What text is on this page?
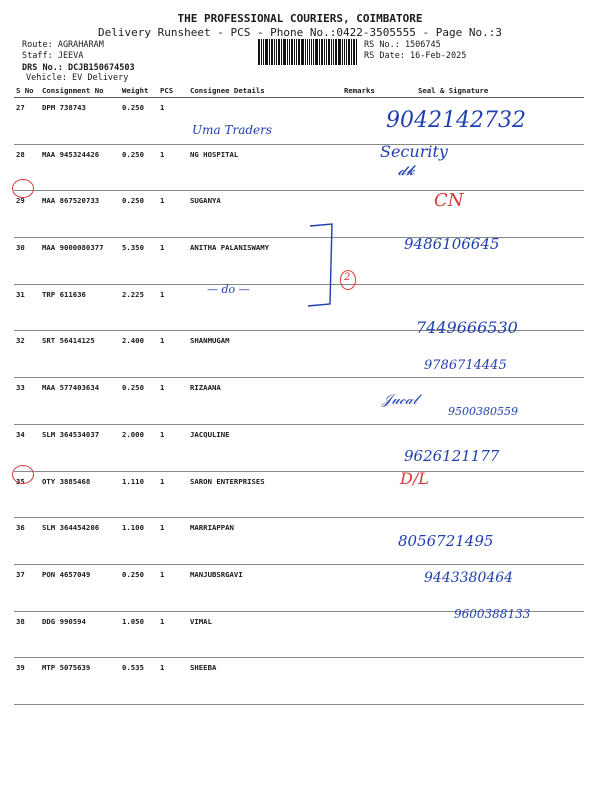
THE PROFESSIONAL COURIERS, COIMBATORE
Delivery Runsheet - PCS - Phone No.:0422-3505555 - Page No.:3
Route: AGRAHARAM
Staff: JEEVA
DRS No.: DCJB150674503
Vehicle: EV Delivery
RS No.: 1506745
RS Date: 16-Feb-2025
S No	Consignment No	Weight	PCS	Consignee Details	Remarks	Seal & Signature
27	DPM 738743	0.250	1			
28	MAA 945324426	0.250	1	NG HOSPITAL		
29	MAA 867520733	0.250	1	SUGANYA		
30	MAA 9000080377	5.350	1	ANITHA PALANISWAMY		
31	TRP 611636	2.225	1			
32	SRT 56414125	2.400	1	SHANMUGAM		
33	MAA 577403634	0.250	1	RIZAANA		
34	SLM 364534037	2.000	1	JACQULINE		
35	OTY 3885468	1.110	1	SARON ENTERPRISES		
36	SLM 364454206	1.100	1	MARRIAPPAN		
37	PON 4657049	0.250	1	MANJUBSRGAVI		
38	DDG 990594	1.050	1	VIMAL		
39	MTP 5075639	0.535	1	SHEEBA		
Uma Traders
— do —
2
9042142732
Security
𝓭𝓴
CN
9486106645
7449666530
9786714445
9500380559
𝒥𝓊𝒸𝒶𝓁
9626121177
D/L
8056721495
9443380464
9600388133
